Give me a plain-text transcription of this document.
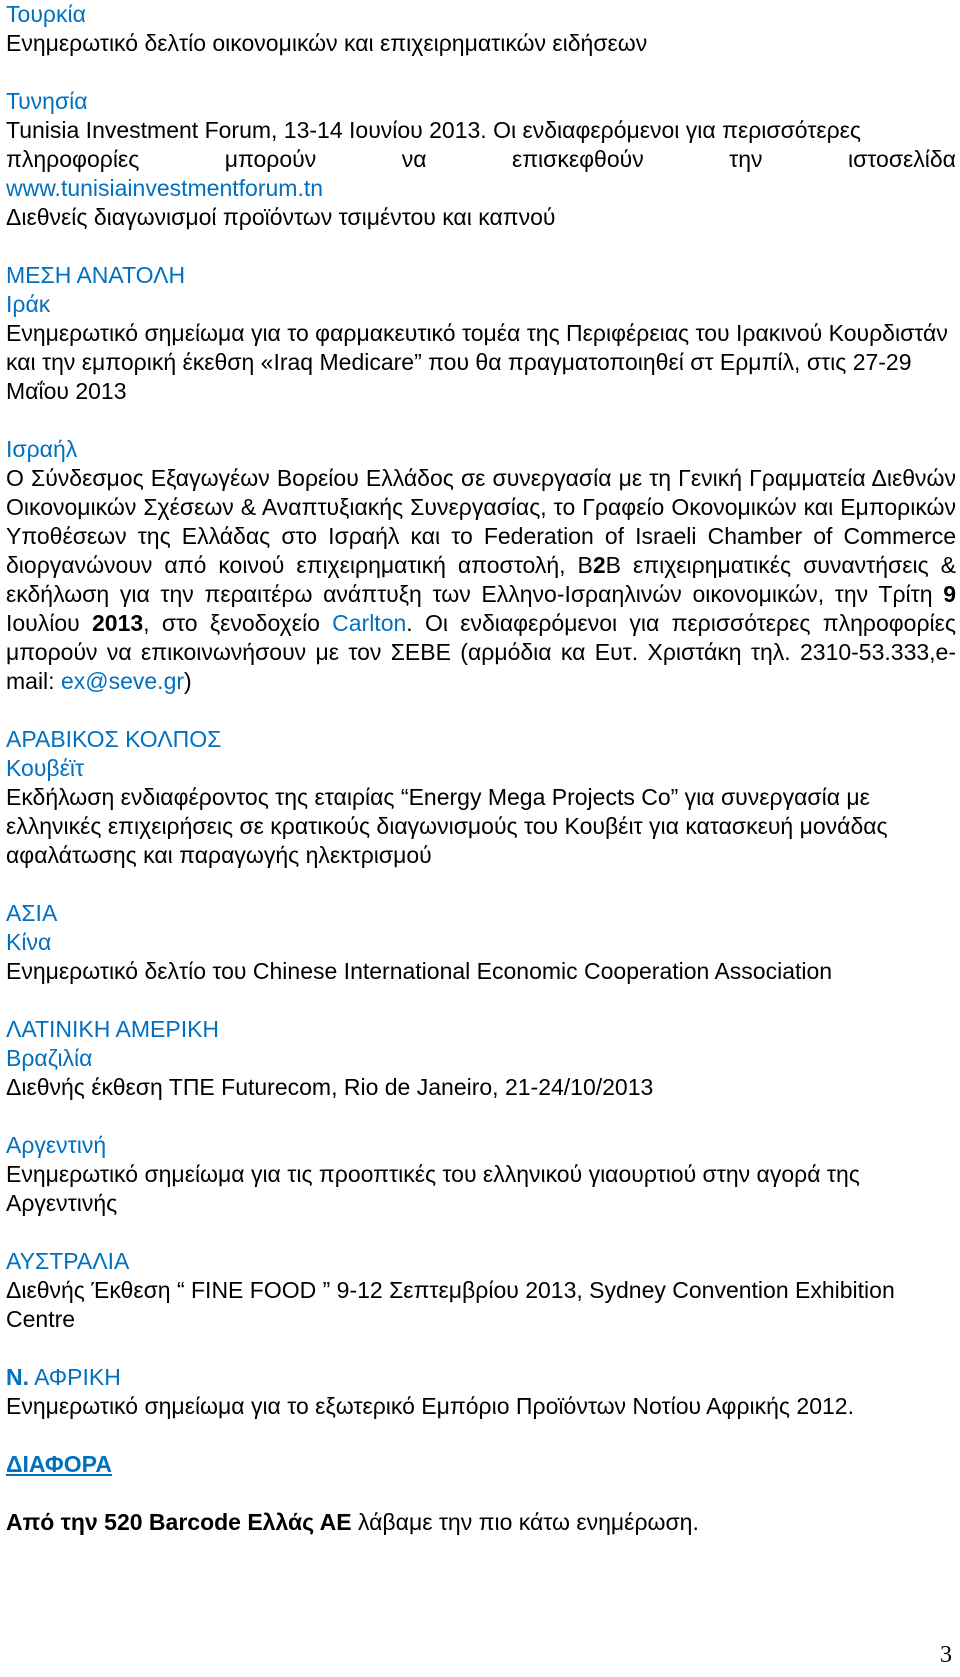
Τουρκία

Ενημερωτικό δελτίο οικονομικών και επιχειρηματικών ειδήσεων

Τυνησία

Tunisia Investment Forum, 13-14 Ιουνίου 2013. Οι ενδιαφερόμενοι για περισσότερες

πληροφορίες	μπορούν	να	επισκεφθούν	την	ιστοσελίδα

www.tunisiainvestmentforum.tn

Διεθνείς διαγωνισμοί προϊόντων τσιμέντου και καπνού

ΜΕΣΗ ΑΝΑΤΟΛΗ

Ιράκ

Ενημερωτικό σημείωμα για το φαρμακευτικό τομέα της Περιφέρειας του Ιρακινού Κουρδιστάν και την εμπορική έκεθση «Iraq Medicare” που θα πραγματοποιηθεί στ Ερμπίλ, στις 27-29 Μαΐου 2013

Ισραήλ

Ο Σύνδεσμος Εξαγωγέων Βορείου Ελλάδος σε συνεργασία με τη Γενική Γραμματεία Διεθνών Οικονομικών Σχέσεων & Αναπτυξιακής Συνεργασίας, το Γραφείο Οκονομικών και Εμπορικών Υποθέσεων της Ελλάδας στο Ισραήλ και το Federation of Israeli Chamber of Commerce διοργανώνουν από κοινού επιχειρηματική αποστολή, B2B επιχειρηματικές συναντήσεις & εκδήλωση για την περαιτέρω ανάπτυξη των Ελληνο-Ισραηλινών οικονομικών, την Τρίτη 9 Ιουλίου 2013, στο ξενοδοχείο Carlton. Οι ενδιαφερόμενοι για περισσότερες πληροφορίες μπορούν να επικοινωνήσουν με τον ΣΕΒΕ (αρμόδια κα Ευτ. Χριστάκη τηλ. 2310-53.333,e-mail: ex@seve.gr)

ΑΡΑΒΙΚΟΣ ΚΟΛΠΟΣ

Κουβέϊτ

Εκδήλωση ενδιαφέροντος της εταιρίας “Energy Mega Projects Co” για συνεργασία με ελληνικές επιχειρήσεις σε κρατικούς διαγωνισμούς του Κουβέιτ για κατασκευή μονάδας αφαλάτωσης και παραγωγής ηλεκτρισμού

ΑΣΙΑ

Κίνα

Ενημερωτικό δελτίο του Chinese International Economic Cooperation Association

ΛΑΤΙΝΙΚΗ ΑΜΕΡΙΚΗ

Βραζιλία

Διεθνής έκθεση ΤΠΕ Futurecom, Rio de Janeiro, 21-24/10/2013

Αργεντινή

Ενημερωτικό σημείωμα για τις προοπτικές του ελληνικού γιαουρτιού στην αγορά της Αργεντινής

ΑΥΣΤΡΑΛΙΑ

Διεθνής Έκθεση “ FINE FOOD ” 9-12 Σεπτεμβρίου 2013, Sydney Convention Exhibition Centre

Ν. ΑΦΡΙΚΗ

Ενημερωτικό σημείωμα για το εξωτερικό Εμπόριο Προϊόντων Νοτίου Αφρικής 2012.

ΔΙΑΦΟΡΑ

Από την 520 Barcode Ελλάς ΑΕ λάβαμε την πιο κάτω ενημέρωση.

3
